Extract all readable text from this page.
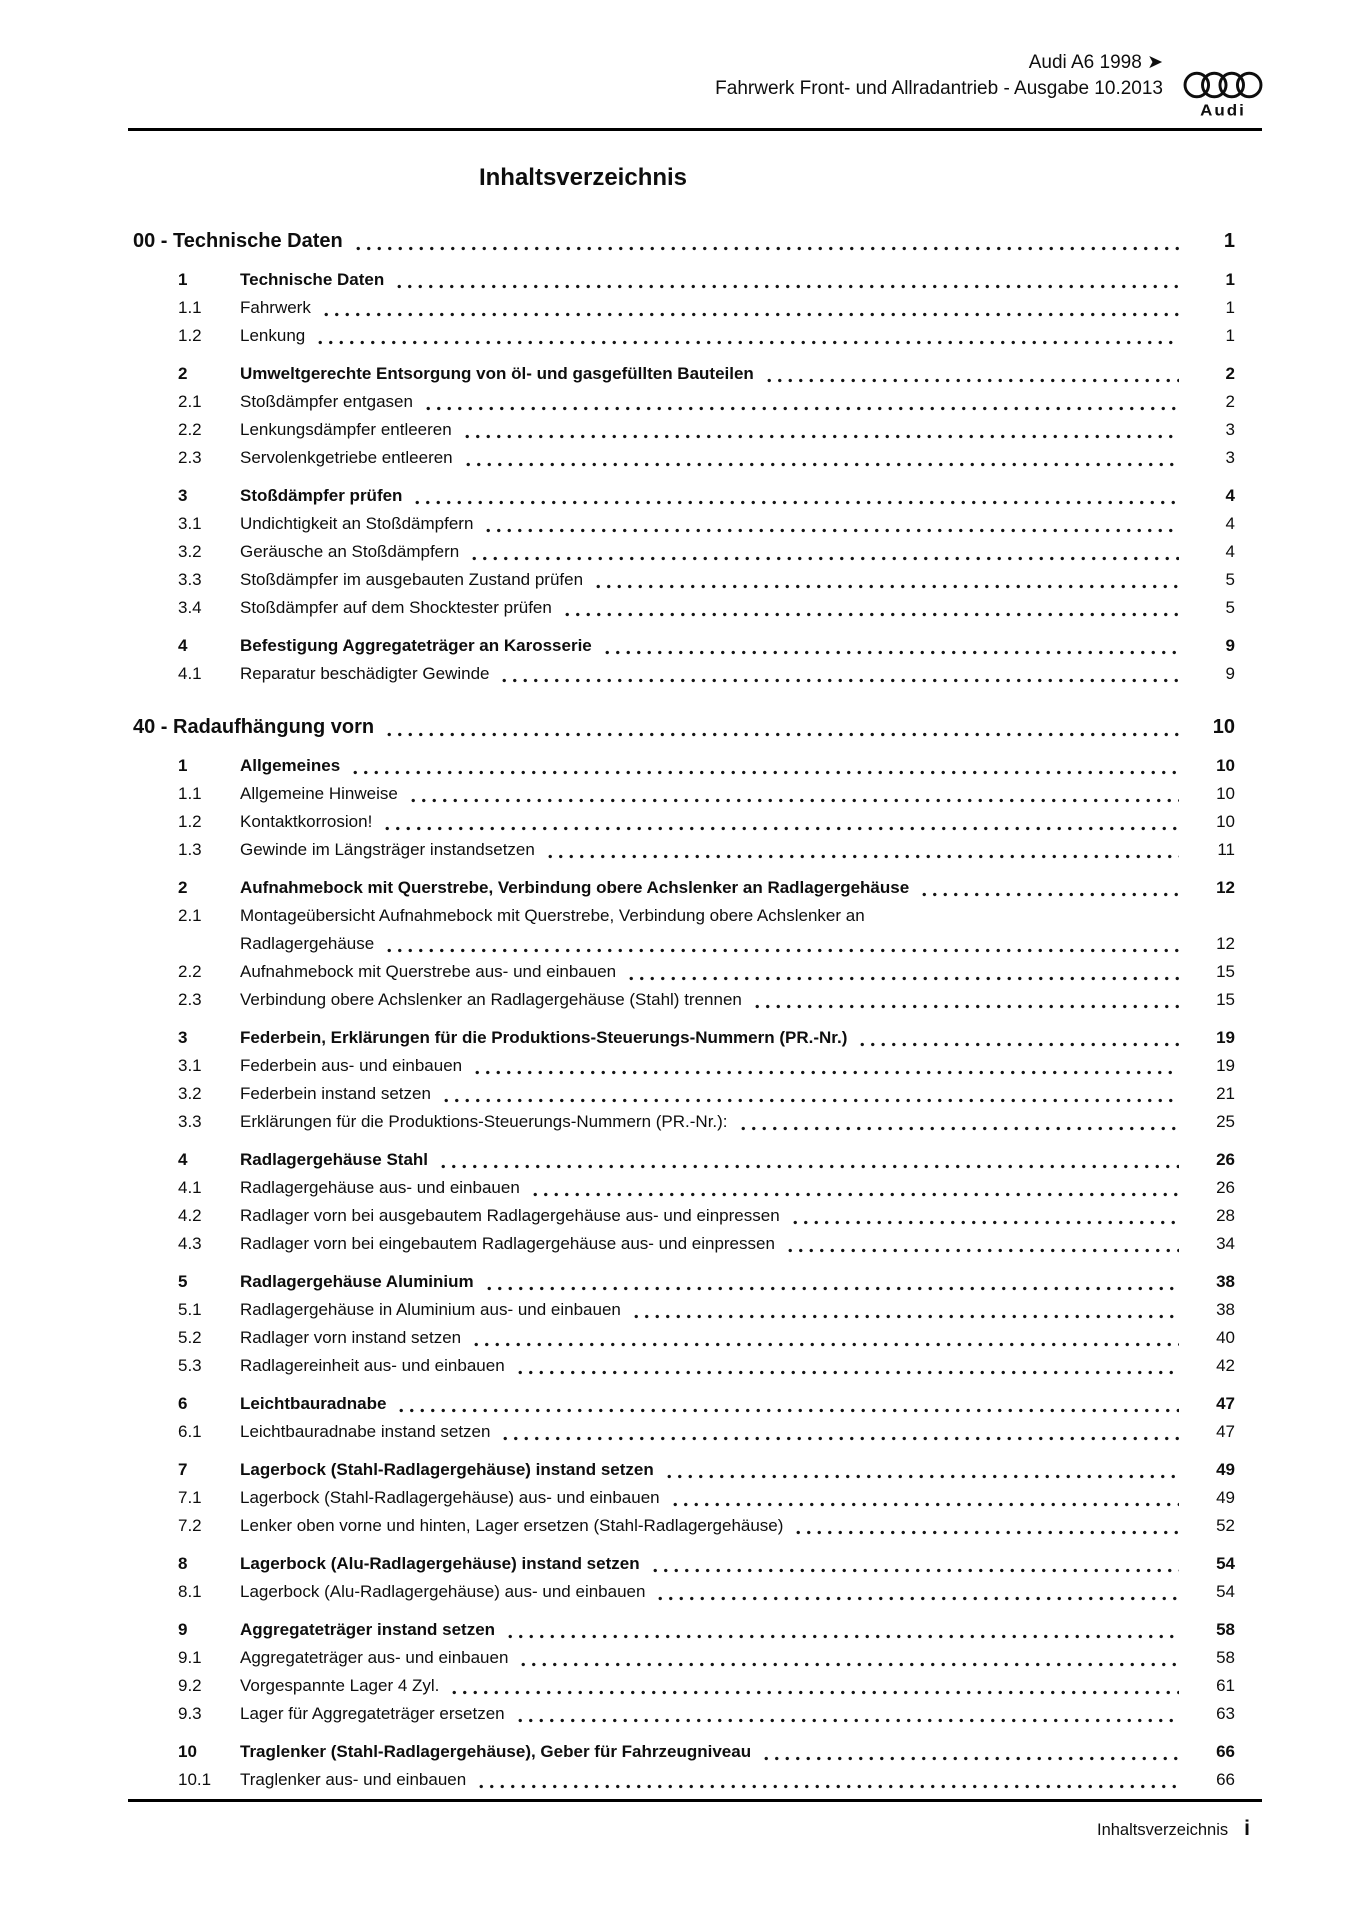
Audi A6 1998 ➤
Fahrwerk Front- und Allradantrieb - Ausgabe 10.2013
Audi
Inhaltsverzeichnis
00 - Technische Daten	1
1	Technische Daten	1
1.1	Fahrwerk	1
1.2	Lenkung	1
2	Umweltgerechte Entsorgung von öl- und gasgefüllten Bauteilen	2
2.1	Stoßdämpfer entgasen	2
2.2	Lenkungsdämpfer entleeren	3
2.3	Servolenkgetriebe entleeren	3
3	Stoßdämpfer prüfen	4
3.1	Undichtigkeit an Stoßdämpfern	4
3.2	Geräusche an Stoßdämpfern	4
3.3	Stoßdämpfer im ausgebauten Zustand prüfen	5
3.4	Stoßdämpfer auf dem Shocktester prüfen	5
4	Befestigung Aggregateträger an Karosserie	9
4.1	Reparatur beschädigter Gewinde	9
40 - Radaufhängung vorn	10
1	Allgemeines	10
1.1	Allgemeine Hinweise	10
1.2	Kontaktkorrosion!	10
1.3	Gewinde im Längsträger instandsetzen	11
2	Aufnahmebock mit Querstrebe, Verbindung obere Achslenker an Radlagergehäuse	12
2.1	Montageübersicht Aufnahmebock mit Querstrebe, Verbindung obere Achslenker an
Radlagergehäuse	12
2.2	Aufnahmebock mit Querstrebe aus- und einbauen	15
2.3	Verbindung obere Achslenker an Radlagergehäuse (Stahl) trennen	15
3	Federbein, Erklärungen für die Produktions-Steuerungs-Nummern (PR.-Nr.)	19
3.1	Federbein aus- und einbauen	19
3.2	Federbein instand setzen	21
3.3	Erklärungen für die Produktions-Steuerungs-Nummern (PR.-Nr.):	25
4	Radlagergehäuse Stahl	26
4.1	Radlagergehäuse aus- und einbauen	26
4.2	Radlager vorn bei ausgebautem Radlagergehäuse aus- und einpressen	28
4.3	Radlager vorn bei eingebautem Radlagergehäuse aus- und einpressen	34
5	Radlagergehäuse Aluminium	38
5.1	Radlagergehäuse in Aluminium aus- und einbauen	38
5.2	Radlager vorn instand setzen	40
5.3	Radlagereinheit aus- und einbauen	42
6	Leichtbauradnabe	47
6.1	Leichtbauradnabe instand setzen	47
7	Lagerbock (Stahl-Radlagergehäuse) instand setzen	49
7.1	Lagerbock (Stahl-Radlagergehäuse) aus- und einbauen	49
7.2	Lenker oben vorne und hinten, Lager ersetzen (Stahl-Radlagergehäuse)	52
8	Lagerbock (Alu-Radlagergehäuse) instand setzen	54
8.1	Lagerbock (Alu-Radlagergehäuse) aus- und einbauen	54
9	Aggregateträger instand setzen	58
9.1	Aggregateträger aus- und einbauen	58
9.2	Vorgespannte Lager 4 Zyl.	61
9.3	Lager für Aggregateträger ersetzen	63
10	Traglenker (Stahl-Radlagergehäuse), Geber für Fahrzeugniveau	66
10.1	Traglenker aus- und einbauen	66
Inhaltsverzeichnis i
